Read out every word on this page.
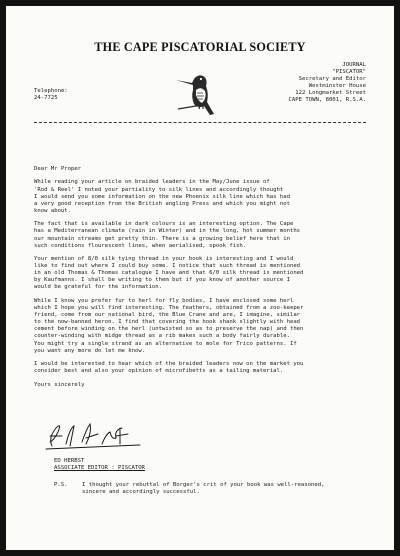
THE CAPE PISCATORIAL SOCIETY
Telephone:
24-7725
JOURNAL
"PISCATOR"
Secretary and Editor
Westminster House
122 Longmarket Street
CAPE TOWN, 8001, R.S.A.

Dear Mr Proper

While reading your article on braided leaders in the May/June issue of
'Rod & Reel' I noted your partiality to silk lines and accordingly thought
I would send you some information on the new Phoenix silk line which has had
a very good reception from the British angling Press and which you might not
know about.

The fact that is available in dark colours is an interesting option. The Cape
has a Mediterranean climate (rain in Winter) and in the long, hot summer months
our mountain streams get pretty thin. There is a growing belief here that in
such conditions flourescent lines, when aerialised, spook fish.

Your mention of 8/0 silk tying thread in your book is interesting and I would
like to find out where I could buy some. I notice that such thread is mentioned
in an old Thomas & Thomas catalogue I have and that 6/0 silk thread is mentioned
by Kaufmanns. I shall be writing to them but if you know of another source I
would be grateful for the information.

While I know you prefer fur to herl for fly bodies, I have enclosed some herl
which I hope you will find interesting. The feathers, obtained from a zoo-keeper
friend, come from our national bird, the Blue Crane and are, I imagine, similar
to the now-banned heron. I find that covering the hook shank slightly with head
cement before winding on the herl (untwisted so as to preserve the nap) and then
counter-winding with midge thread as a rib makes such a body fairly durable.
You might try a single strand as an alternative to mole for Trico patterns. If
you want any more do let me know.

I would be interested to hear which of the braided leaders now on the market you
consider best and also your opinion of microfibetts as a tailing material.

Yours sincerely

ED HERBST
ASSOCIATE EDITOR : PISCATOR
P.S.	I thought your rebuttal of Borger's crit of your book was well-reasoned,
sincere and accordingly successful.
